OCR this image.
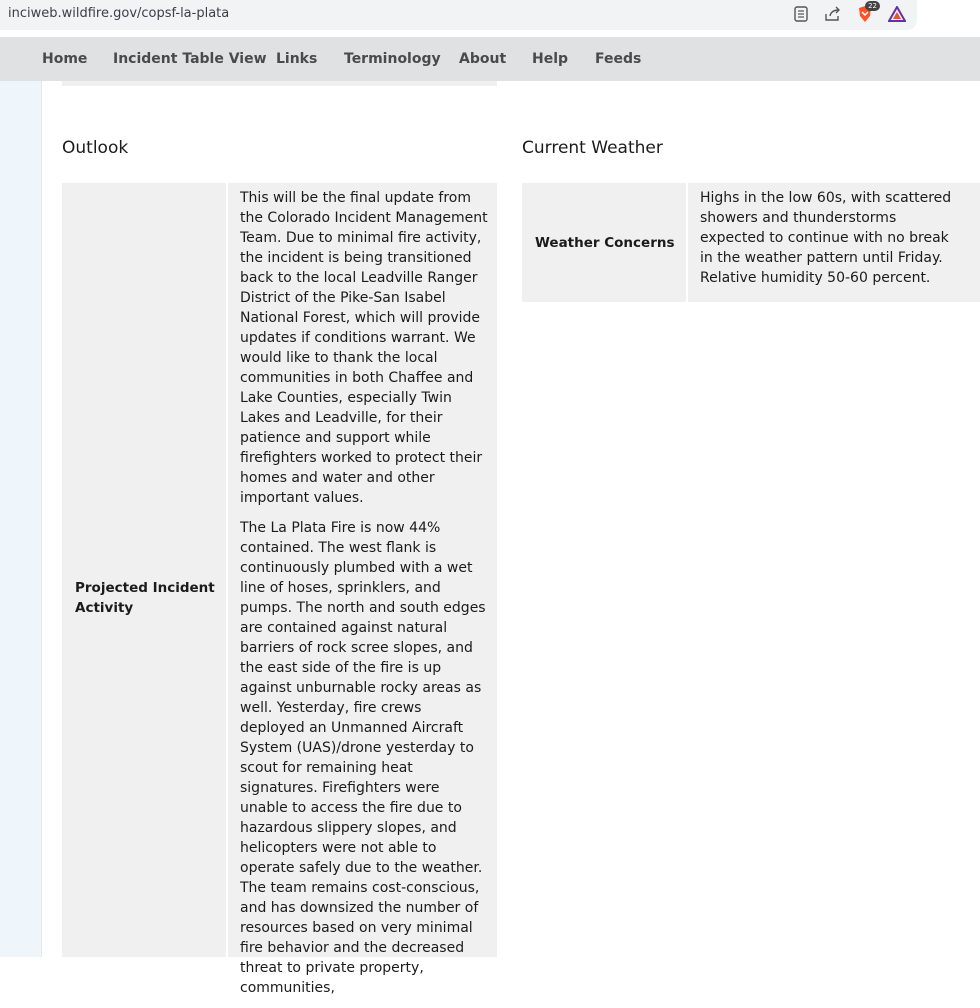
inciweb.wildfire.gov/copsf-la-plata	22
Home Incident Table View Links Terminology About Help Feeds
Outlook
Projected Incident Activity

This will be the final update from the Colorado Incident Management Team. Due to minimal fire activity, the incident is being transitioned back to the local Leadville Ranger District of the Pike-San Isabel National Forest, which will provide updates if conditions warrant. We would like to thank the local communities in both Chaffee and Lake Counties, especially Twin Lakes and Leadville, for their patience and support while firefighters worked to protect their homes and water and other important values.

The La Plata Fire is now 44% contained. The west flank is continuously plumbed with a wet line of hoses, sprinklers, and pumps. The north and south edges are contained against natural barriers of rock scree slopes, and the east side of the fire is up against unburnable rocky areas as well. Yesterday, fire crews deployed an Unmanned Aircraft System (UAS)/drone yesterday to scout for remaining heat signatures. Firefighters were unable to access the fire due to hazardous slippery slopes, and helicopters were not able to operate safely due to the weather. The team remains cost-conscious, and has downsized the number of resources based on very minimal fire behavior and the decreased threat to private property, communities,

Current Weather
Weather Concerns
Highs in the low 60s, with scattered showers and thunderstorms expected to continue with no break in the weather pattern until Friday. Relative humidity 50-60 percent.
